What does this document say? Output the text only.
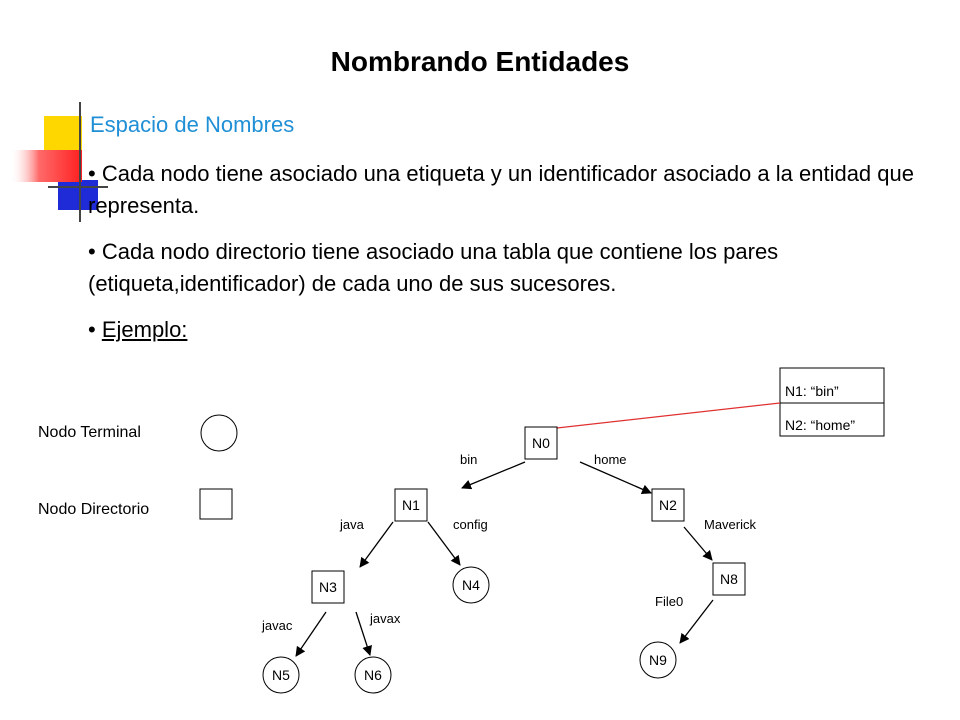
Nombrando Entidades
Espacio de Nombres
• Cada nodo tiene asociado una etiqueta y un identificador asociado a la entidad que representa.
• Cada nodo directorio tiene asociado una tabla que contiene los pares (etiqueta,identificador) de cada uno de sus sucesores.
• Ejemplo:
Nodo Terminal
Nodo Directorio
N1: “bin”
N2: “home”
bin	home
java	config	Maverick
javac	javax
File0
N0
N1	N2
N3	N8
N4
N5	N6
N9
